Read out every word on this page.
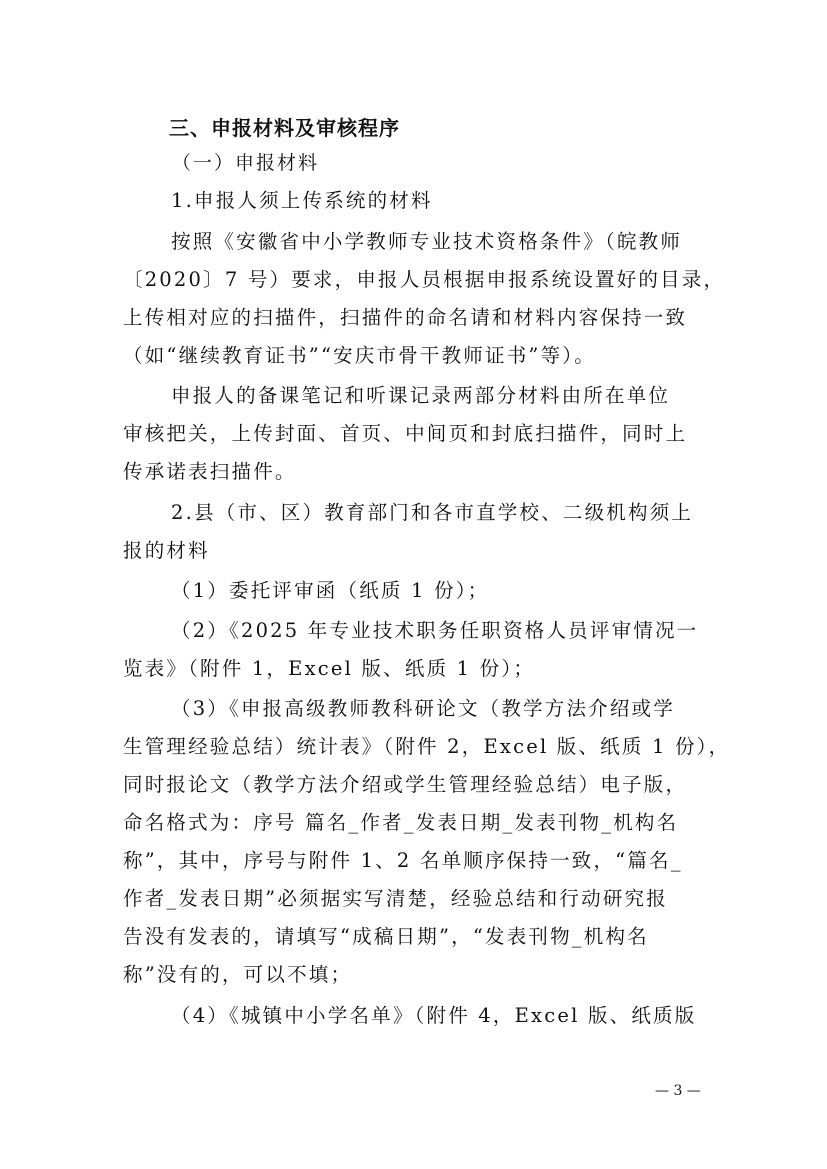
三、申报材料及审核程序
（一）申报材料
1.申报人须上传系统的材料
按照《安徽省中小学教师专业技术资格条件》（皖教师
〔2020〕7 号）要求，申报人员根据申报系统设置好的目录，
上传相对应的扫描件，扫描件的命名请和材料内容保持一致
（如“继续教育证书”“安庆市骨干教师证书”等）。
申报人的备课笔记和听课记录两部分材料由所在单位
审核把关，上传封面、首页、中间页和封底扫描件，同时上
传承诺表扫描件。
2.县（市、区）教育部门和各市直学校、二级机构须上
报的材料
（1）委托评审函（纸质 1 份）；
（2）《2025 年专业技术职务任职资格人员评审情况一
览表》（附件 1，Excel 版、纸质 1 份）；
（3）《申报高级教师教科研论文（教学方法介绍或学
生管理经验总结）统计表》（附件 2，Excel 版、纸质 1 份），
同时报论文（教学方法介绍或学生管理经验总结）电子版，
命名格式为：序号 篇名_作者_发表日期_发表刊物_机构名
称”，其中，序号与附件 1、2 名单顺序保持一致，“篇名_
作者_发表日期”必须据实写清楚，经验总结和行动研究报
告没有发表的，请填写“成稿日期”，“发表刊物_机构名
称”没有的，可以不填；
（4）《城镇中小学名单》（附件 4，Excel 版、纸质版
— 3 —
